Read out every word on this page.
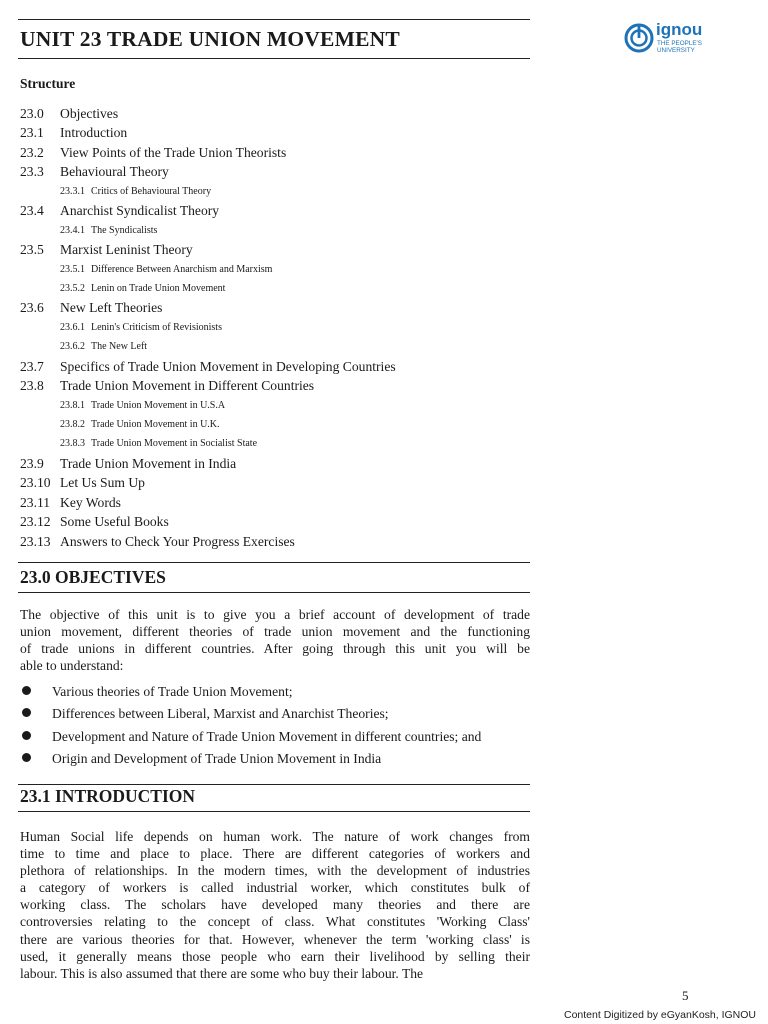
UNIT 23 TRADE UNION MOVEMENT	ignou
THE PEOPLE'S
UNIVERSITY
Structure
23.0 Objectives
23.1 Introduction
23.2 View Points of the Trade Union Theorists
23.3 Behavioural Theory
23.3.1 Critics of Behavioural Theory
23.4 Anarchist Syndicalist Theory
23.4.1 The Syndicalists
23.5 Marxist Leninist Theory
23.5.1 Difference Between Anarchism and Marxism
23.5.2 Lenin on Trade Union Movement
23.6 New Left Theories
23.6.1 Lenin's Criticism of Revisionists
23.6.2 The New Left
23.7 Specifics of Trade Union Movement in Developing Countries
23.8 Trade Union Movement in Different Countries
23.8.1 Trade Union Movement in U.S.A
23.8.2 Trade Union Movement in U.K.
23.8.3 Trade Union Movement in Socialist State
23.9 Trade Union Movement in India
23.10 Let Us Sum Up
23.11 Key Words
23.12 Some Useful Books
23.13 Answers to Check Your Progress Exercises
23.0 OBJECTIVES
The objective of this unit is to give you a brief account of development of trade
union movement, different theories of trade union movement and the functioning
of trade unions in different countries. After going through this unit you will be
able to understand:
Various theories of Trade Union Movement;
Differences between Liberal, Marxist and Anarchist Theories;
Development and Nature of Trade Union Movement in different countries; and
Origin and Development of Trade Union Movement in India
23.1 INTRODUCTION
Human Social life depends on human work. The nature of work changes from
time to time and place to place. There are different categories of workers and
plethora of relationships. In the modern times, with the development of industries
a category of workers is called industrial worker, which constitutes bulk of
working class. The scholars have developed many theories and there are
controversies relating to the concept of class. What constitutes 'Working Class'
there are various theories for that. However, whenever the term 'working class' is
used, it generally means those people who earn their livelihood by selling their
labour. This is also assumed that there are some who buy their labour. The
5
Content Digitized by eGyanKosh, IGNOU
